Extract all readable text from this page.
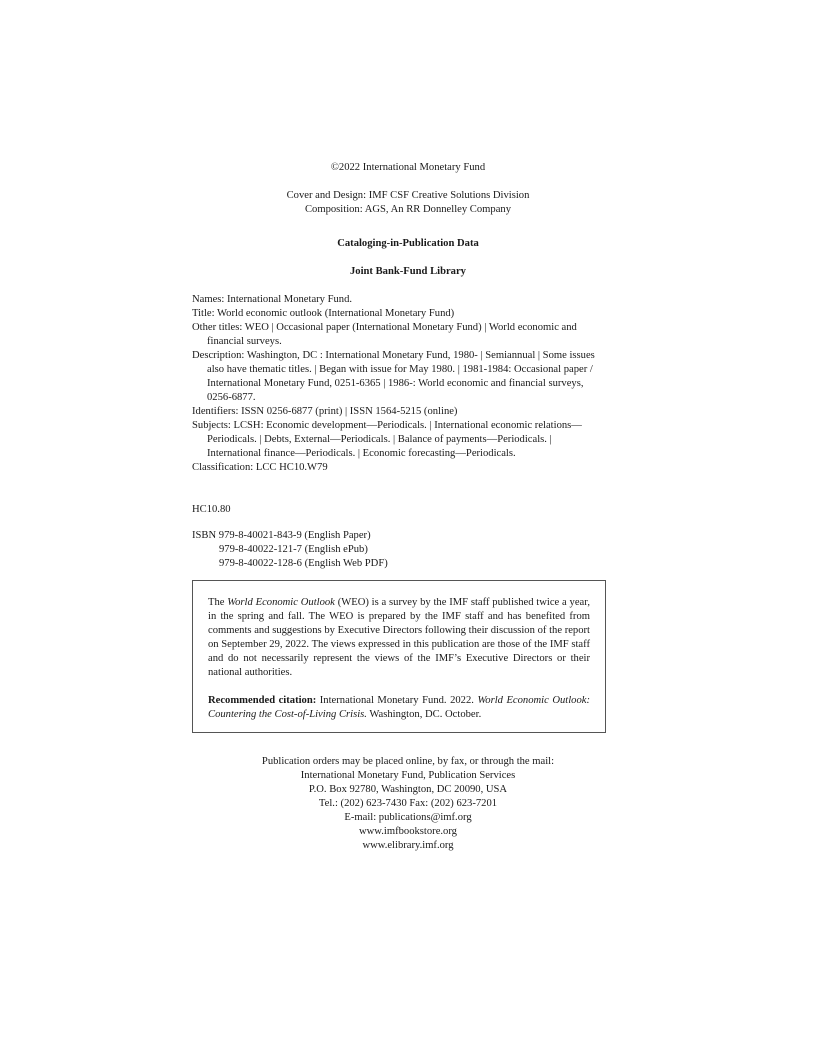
©2022 International Monetary Fund
Cover and Design: IMF CSF Creative Solutions Division
Composition: AGS, An RR Donnelley Company
Cataloging-in-Publication Data
Joint Bank-Fund Library

Names: International Monetary Fund.

Title: World economic outlook (International Monetary Fund)

Other titles: WEO | Occasional paper (International Monetary Fund) | World economic and financial surveys.

Description: Washington, DC : International Monetary Fund, 1980- | Semiannual | Some issues also have thematic titles. | Began with issue for May 1980. | 1981-1984: Occasional paper / International Monetary Fund, 0251-6365 | 1986-: World economic and financial surveys, 0256-6877.

Identifiers: ISSN 0256-6877 (print) | ISSN 1564-5215 (online)

Subjects: LCSH: Economic development—Periodicals. | International economic relations—Periodicals. | Debts, External—Periodicals. | Balance of payments—Periodicals. | International finance—Periodicals. | Economic forecasting—Periodicals.

Classification: LCC HC10.W79

HC10.80

ISBN 979-8-40021-843-9 (English Paper)

979-8-40022-121-7 (English ePub)

979-8-40022-128-6 (English Web PDF)

The World Economic Outlook (WEO) is a survey by the IMF staff published twice a year, in the spring and fall. The WEO is prepared by the IMF staff and has benefited from comments and suggestions by Executive Directors following their discussion of the report on September 29, 2022. The views expressed in this publication are those of the IMF staff and do not necessarily represent the views of the IMF’s Executive Directors or their national authorities.

Recommended citation: International Monetary Fund. 2022. World Economic Outlook: Countering the Cost-of-Living Crisis. Washington, DC. October.

Publication orders may be placed online, by fax, or through the mail:
International Monetary Fund, Publication Services
P.O. Box 92780, Washington, DC 20090, USA
Tel.: (202) 623-7430 Fax: (202) 623-7201
E-mail: publications@imf.org
www.imfbookstore.org
www.elibrary.imf.org
